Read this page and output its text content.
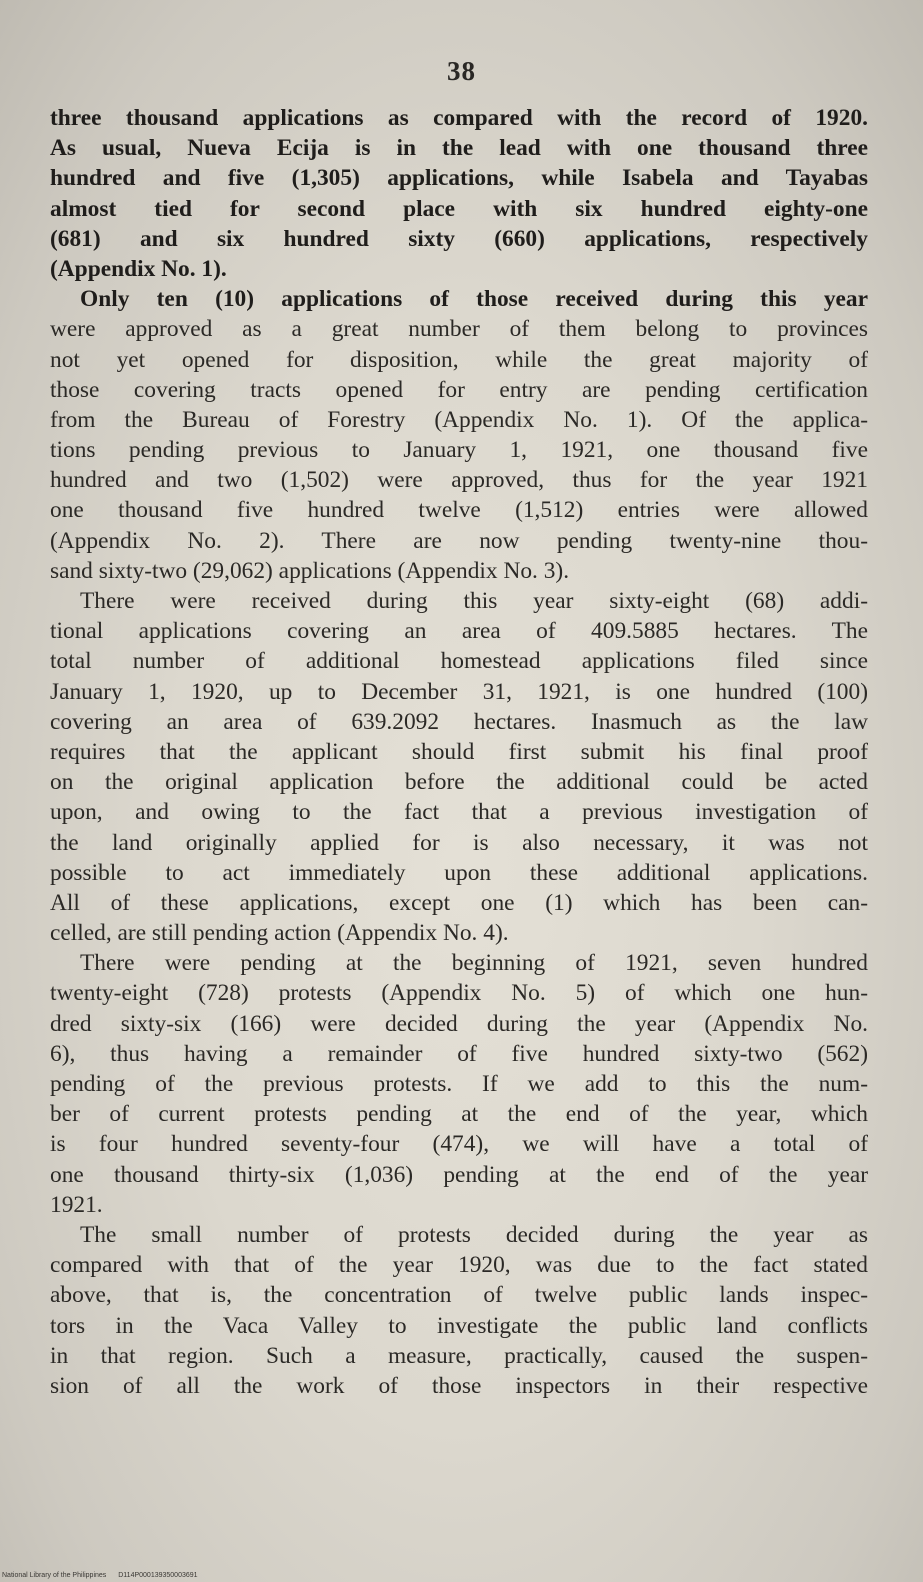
38
three thousand applications as compared with the record of 1920.
As usual, Nueva Ecija is in the lead with one thousand three
hundred and five (1,305) applications, while Isabela and Tayabas
almost tied for second place with six hundred eighty-one
(681) and six hundred sixty (660) applications, respectively
(Appendix No. 1).
Only ten (10) applications of those received during this year
were approved as a great number of them belong to provinces
not yet opened for disposition, while the great majority of
those covering tracts opened for entry are pending certification
from the Bureau of Forestry (Appendix No. 1). Of the applica-
tions pending previous to January 1, 1921, one thousand five
hundred and two (1,502) were approved, thus for the year 1921
one thousand five hundred twelve (1,512) entries were allowed
(Appendix No. 2). There are now pending twenty-nine thou-
sand sixty-two (29,062) applications (Appendix No. 3).
There were received during this year sixty-eight (68) addi-
tional applications covering an area of 409.5885 hectares. The
total number of additional homestead applications filed since
January 1, 1920, up to December 31, 1921, is one hundred (100)
covering an area of 639.2092 hectares. Inasmuch as the law
requires that the applicant should first submit his final proof
on the original application before the additional could be acted
upon, and owing to the fact that a previous investigation of
the land originally applied for is also necessary, it was not
possible to act immediately upon these additional applications.
All of these applications, except one (1) which has been can-
celled, are still pending action (Appendix No. 4).
There were pending at the beginning of 1921, seven hundred
twenty-eight (728) protests (Appendix No. 5) of which one hun-
dred sixty-six (166) were decided during the year (Appendix No.
6), thus having a remainder of five hundred sixty-two (562)
pending of the previous protests. If we add to this the num-
ber of current protests pending at the end of the year, which
is four hundred seventy-four (474), we will have a total of
one thousand thirty-six (1,036) pending at the end of the year
1921.
The small number of protests decided during the year as
compared with that of the year 1920, was due to the fact stated
above, that is, the concentration of twelve public lands inspec-
tors in the Vaca Valley to investigate the public land conflicts
in that region. Such a measure, practically, caused the suspen-
sion of all the work of those inspectors in their respective
National Library of the Philippines D114P000139350003691
